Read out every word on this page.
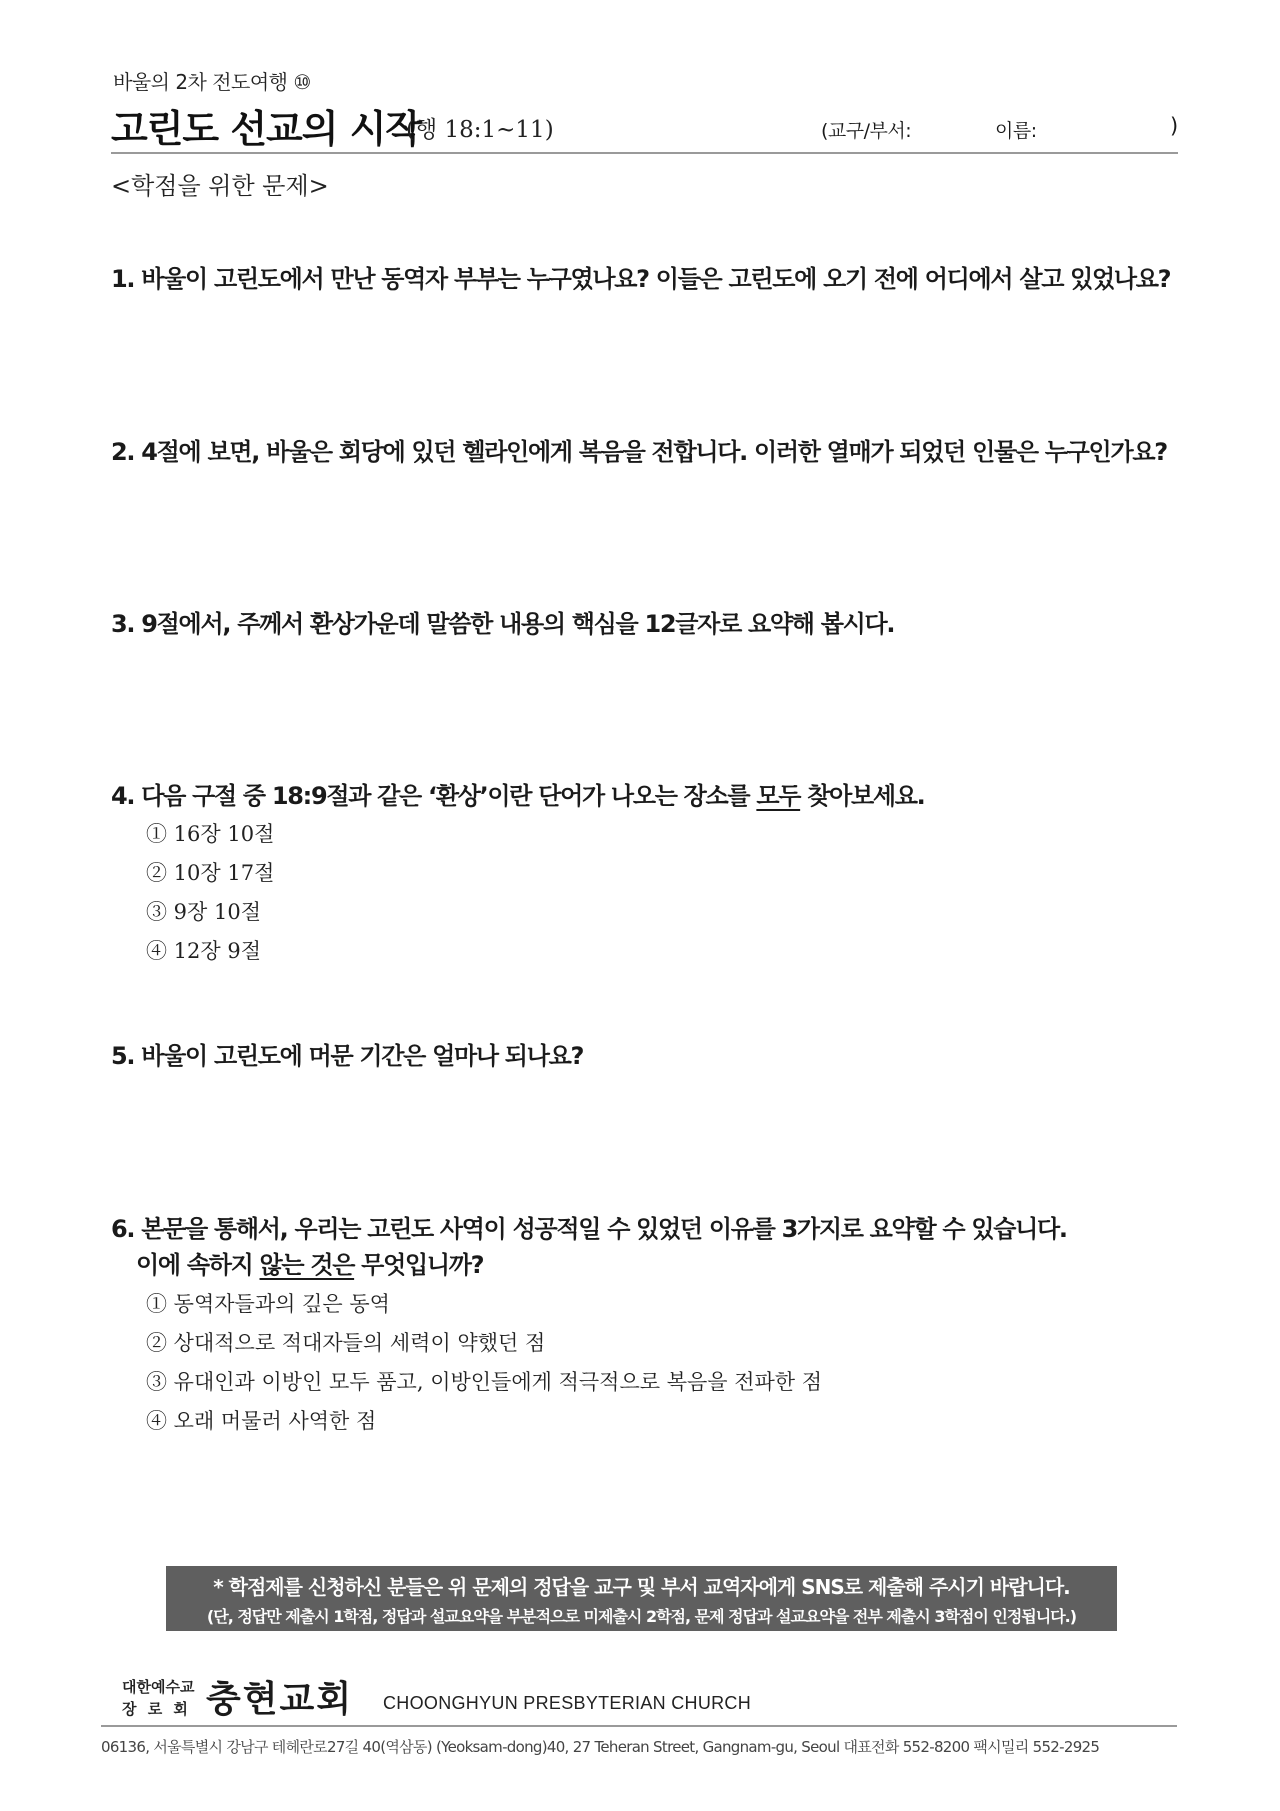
바울의 2차 전도여행 ⑩
고린도 선교의 시작
(행 18:1~11)	(교구/부서:	이름:	)
<학점을 위한 문제>
1. 바울이 고린도에서 만난 동역자 부부는 누구였나요? 이들은 고린도에 오기 전에 어디에서 살고 있었나요?
2. 4절에 보면, 바울은 회당에 있던 헬라인에게 복음을 전합니다. 이러한 열매가 되었던 인물은 누구인가요?
3. 9절에서, 주께서 환상가운데 말씀한 내용의 핵심을 12글자로 요약해 봅시다.
4. 다음 구절 중 18:9절과 같은 ‘환상’이란 단어가 나오는 장소를 모두 찾아보세요.
① 16장 10절
② 10장 17절
③ 9장 10절
④ 12장 9절
5. 바울이 고린도에 머문 기간은 얼마나 되나요?
6. 본문을 통해서, 우리는 고린도 사역이 성공적일 수 있었던 이유를 3가지로 요약할 수 있습니다.
이에 속하지 않는 것은 무엇입니까?
① 동역자들과의 깊은 동역
② 상대적으로 적대자들의 세력이 약했던 점
③ 유대인과 이방인 모두 품고, 이방인들에게 적극적으로 복음을 전파한 점
④ 오래 머물러 사역한 점
* 학점제를 신청하신 분들은 위 문제의 정답을 교구 및 부서 교역자에게 SNS로 제출해 주시기 바랍니다.
(단, 정답만 제출시 1학점, 정답과 설교요약을 부분적으로 미제출시 2학점, 문제 정답과 설교요약을 전부 제출시 3학점이 인정됩니다.)
대한예수교
장 로 회 충현교회 CHOONGHYUN PRESBYTERIAN CHURCH
06136, 서울특별시 강남구 테헤란로27길 40(역삼동) (Yeoksam-dong)40, 27 Teheran Street, Gangnam-gu, Seoul 대표전화 552-8200 팩시밀리 552-2925
